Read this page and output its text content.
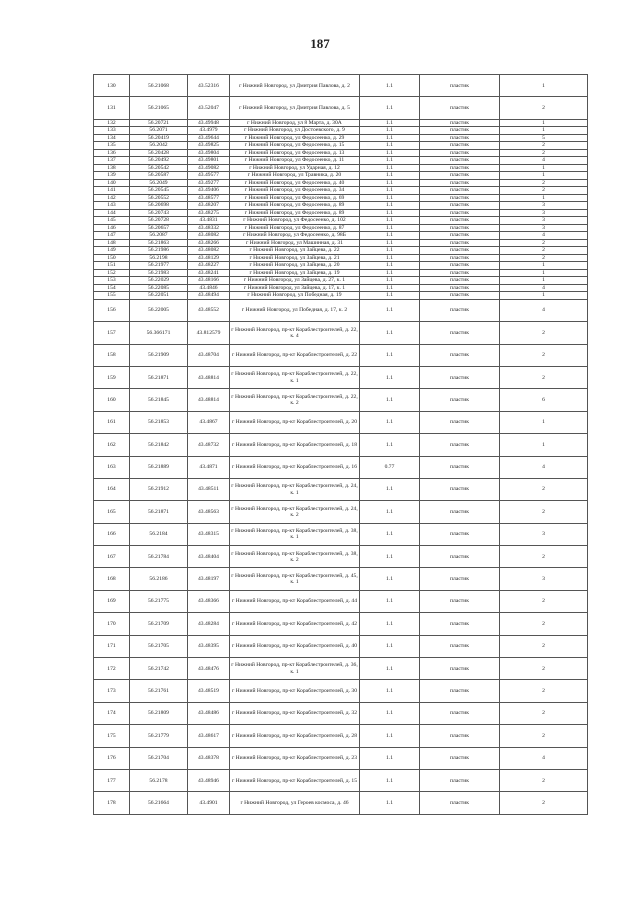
187
130	56.21068	43.52316	г Нижний Новгород, ул Дмитрия Павлова, д. 2	1.1	пластик	1
131	56.21065	43.52047	г Нижний Новгород, ул Дмитрия Павлова, д. 5	1.1	пластик	2
132	56.20721	43.49948	г Нижний Новгород, ул 8 Марта, д. 30А	1.1	пластик	1
133	56.2071	43.4979	г Нижний Новгород, ул Достоевского, д. 9	1.1	пластик	1
134	56.20419	43.49644	г Нижний Новгород, ул Федосеенко, д. 29	1.1	пластик	5
135	56.2042	43.49825	г Нижний Новгород, ул Федосеенко, д. 15	1.1	пластик	2
136	56.20428	43.49804	г Нижний Новгород, ул Федосеенко, д. 13	1.1	пластик	2
137	56.20492	43.49801	г Нижний Новгород, ул Федосеенко, д. 11	1.1	пластик	4
138	56.20542	43.49082	г Нижний Новгород, ул Ударная, д. 12	1.1	пластик	1
139	56.20587	43.49577	г Нижний Новгород, ул Травника, д. 20	1.1	пластик	1
140	56.2049	43.49277	г Нижний Новгород, ул Федосеенко, д. 40	1.1	пластик	2
141	56.20545	43.49406	г Нижний Новгород, ул Федосеенко, д. 34	1.1	пластик	2
142	56.20552	43.48577	г Нижний Новгород, ул Федосеенко, д. 69	1.1	пластик	1
143	56.20698	43.48207	г Нижний Новгород, ул Федосеенко, д. 89	1.1	пластик	3
144	56.20743	43.48275	г Нижний Новгород, ул Федосеенко, д. 89	1.1	пластик	3
145	56.20728	43.4831	г Нижний Новгород, ул Федосеенко, д. 102	1.1	пластик	3
146	56.20657	43.48332	г Нижний Новгород, ул Федосеенко, д. 87	1.1	пластик	3
147	56.2087	43.48082	г Нижний Новгород, ул Федосеенко, д. 98Б	1.1	пластик	4
148	56.21863	43.48266	г Нижний Новгород, ул Машинная, д. 31	1.1	пластик	2
149	56.21986	43.48082	г Нижний Новгород, ул Зайцева, д. 22	1.1	пластик	2
150	56.2198	43.48129	г Нижний Новгород, ул Зайцева, д. 21	1.1	пластик	2
151	56.21977	43.48227	г Нижний Новгород, ул Зайцева, д. 20	1.1	пластик	1
152	56.21983	43.48241	г Нижний Новгород, ул Зайцева, д. 19	1.1	пластик	1
153	56.22029	43.48166	г Нижний Новгород, ул Зайцева, д. 27, к. 1	1.1	пластик	1
154	56.22085	43.4846	г Нижний Новгород, ул Зайцева, д. 17, к. 1	1.1	пластик	4
155	56.22051	43.48494	г Нижний Новгород, ул Победная, д. 19	1.1	пластик	1
156	56.22005	43.48552	г Нижний Новгород, ул Победная, д. 17, к. 2	1.1	пластик	4
157	56.366171	43.812579	г Нижний Новгород, пр-кт Кораблестроителей, д. 22, к. 4	1.1	пластик	2
158	56.21909	43.48704	г Нижний Новгород, пр-кт Кораблестроителей, д. 22	1.1	пластик	2
159	56.21871	43.48814	г Нижний Новгород, пр-кт Кораблестроителей, д. 22, к. 1	1.1	пластик	2
160	56.21845	43.48814	г Нижний Новгород, пр-кт Кораблестроителей, д. 22, к. 2	1.1	пластик	6
161	56.21853	43.4867	г Нижний Новгород, пр-кт Кораблестроителей, д. 20	1.1	пластик	1
162	56.21842	43.48732	г Нижний Новгород, пр-кт Кораблестроителей, д. 18	1.1	пластик	1
163	56.21889	43.4871	г Нижний Новгород, пр-кт Кораблестроителей, д. 16	0.77	пластик	4
164	56.21912	43.48511	г Нижний Новгород, пр-кт Кораблестроителей, д. 24, к. 1	1.1	пластик	2
165	56.21871	43.48563	г Нижний Новгород, пр-кт Кораблестроителей, д. 24, к. 2	1.1	пластик	2
166	56.2184	43.48315	г Нижний Новгород, пр-кт Кораблестроителей, д. 38, к. 1	1.1	пластик	3
167	56.21784	43.48404	г Нижний Новгород, пр-кт Кораблестроителей, д. 38, к. 2	1.1	пластик	2
168	56.2186	43.48197	г Нижний Новгород, пр-кт Кораблестроителей, д. 45, к. 1	1.1	пластик	3
169	56.21775	43.48366	г Нижний Новгород, пр-кт Кораблестроителей, д. 44	1.1	пластик	2
170	56.21709	43.48284	г Нижний Новгород, пр-кт Кораблестроителей, д. 42	1.1	пластик	2
171	56.21705	43.48395	г Нижний Новгород, пр-кт Кораблестроителей, д. 40	1.1	пластик	2
172	56.21742	43.48476	г Нижний Новгород, пр-кт Кораблестроителей, д. 36, к. 1	1.1	пластик	2
173	56.21761	43.48519	г Нижний Новгород, пр-кт Кораблестроителей, д. 30	1.1	пластик	2
174	56.21809	43.48486	г Нижний Новгород, пр-кт Кораблестроителей, д. 32	1.1	пластик	2
175	56.21779	43.48617	г Нижний Новгород, пр-кт Кораблестроителей, д. 28	1.1	пластик	2
176	56.21704	43.48378	г Нижний Новгород, пр-кт Кораблестроителей, д. 23	1.1	пластик	4
177	56.2178	43.48946	г Нижний Новгород, пр-кт Кораблестроителей, д. 15	1.1	пластик	2
178	56.21664	43.4901	г Нижний Новгород, ул Героев космоса, д. 46	1.1	пластик	2
